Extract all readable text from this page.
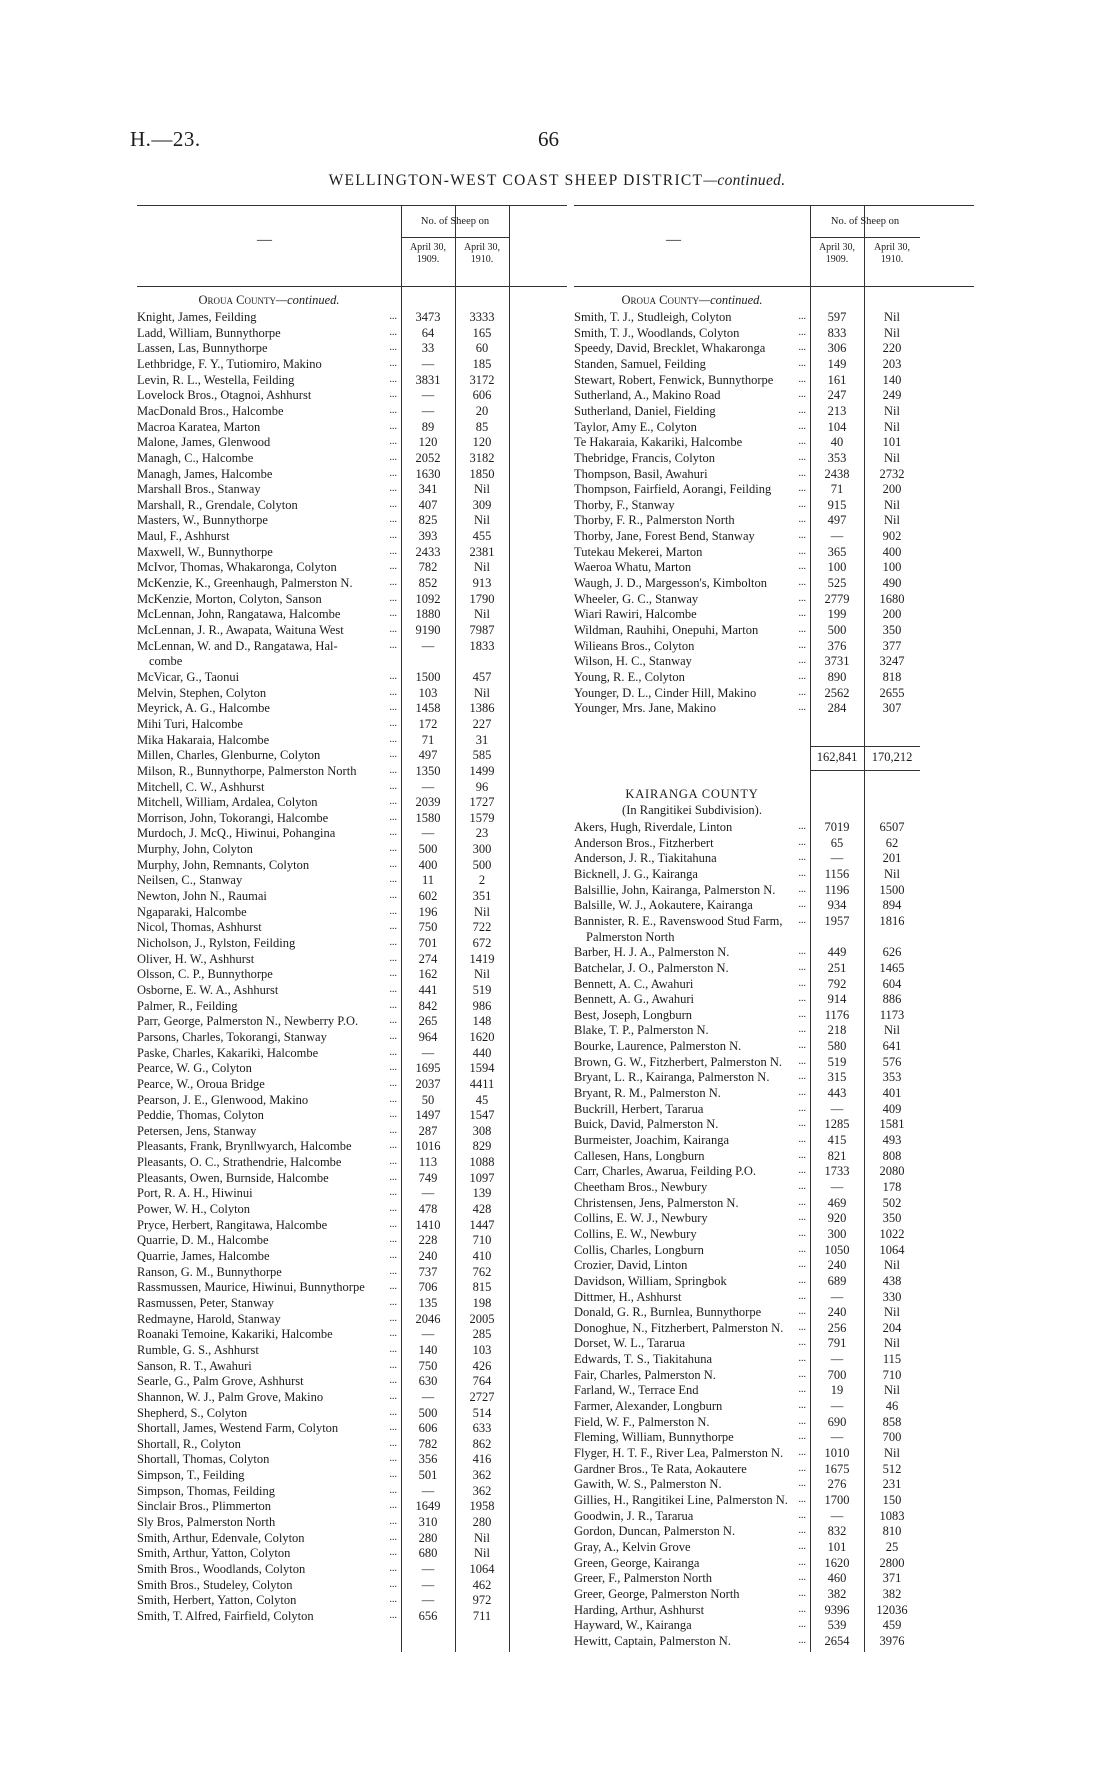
H.—23.	66
WELLINGTON-WEST COAST SHEEP DISTRICT—continued.
—
No. of Sheep on
April 30,
1909.
April 30,
1910.
Oroua County—continued.
Knight, James, Feilding	...	3473	3333
Ladd, William, Bunnythorpe	...	64	165
Lassen, Las, Bunnythorpe	...	33	60
Lethbridge, F. Y., Tutiomiro, Makino	...	—	185
Levin, R. L., Westella, Feilding	...	3831	3172
Lovelock Bros., Otagnoi, Ashhurst	...	—	606
MacDonald Bros., Halcombe	...	—	20
Macroa Karatea, Marton	...	89	85
Malone, James, Glenwood	...	120	120
Managh, C., Halcombe	...	2052	3182
Managh, James, Halcombe	...	1630	1850
Marshall Bros., Stanway	...	341	Nil
Marshall, R., Grendale, Colyton	...	407	309
Masters, W., Bunnythorpe	...	825	Nil
Maul, F., Ashhurst	...	393	455
Maxwell, W., Bunnythorpe	...	2433	2381
McIvor, Thomas, Whakaronga, Colyton	...	782	Nil
McKenzie, K., Greenhaugh, Palmerston N.	...	852	913
McKenzie, Morton, Colyton, Sanson	...	1092	1790
McLennan, John, Rangatawa, Halcombe	...	1880	Nil
McLennan, J. R., Awapata, Waituna West	...	9190	7987
McLennan, W. and D., Rangatawa, Hal-	...	—	1833
combe
McVicar, G., Taonui	...	1500	457
Melvin, Stephen, Colyton	...	103	Nil
Meyrick, A. G., Halcombe	...	1458	1386
Mihi Turi, Halcombe	...	172	227
Mika Hakaraia, Halcombe	...	71	31
Millen, Charles, Glenburne, Colyton	...	497	585
Milson, R., Bunnythorpe, Palmerston North	...	1350	1499
Mitchell, C. W., Ashhurst	...	—	96
Mitchell, William, Ardalea, Colyton	...	2039	1727
Morrison, John, Tokorangi, Halcombe	...	1580	1579
Murdoch, J. McQ., Hiwinui, Pohangina	...	—	23
Murphy, John, Colyton	...	500	300
Murphy, John, Remnants, Colyton	...	400	500
Neilsen, C., Stanway	...	11	2
Newton, John N., Raumai	...	602	351
Ngaparaki, Halcombe	...	196	Nil
Nicol, Thomas, Ashhurst	...	750	722
Nicholson, J., Rylston, Feilding	...	701	672
Oliver, H. W., Ashhurst	...	274	1419
Olsson, C. P., Bunnythorpe	...	162	Nil
Osborne, E. W. A., Ashhurst	...	441	519
Palmer, R., Feilding	...	842	986
Parr, George, Palmerston N., Newberry P.O.	...	265	148
Parsons, Charles, Tokorangi, Stanway	...	964	1620
Paske, Charles, Kakariki, Halcombe	...	—	440
Pearce, W. G., Colyton	...	1695	1594
Pearce, W., Oroua Bridge	...	2037	4411
Pearson, J. E., Glenwood, Makino	...	50	45
Peddie, Thomas, Colyton	...	1497	1547
Petersen, Jens, Stanway	...	287	308
Pleasants, Frank, Brynllwyarch, Halcombe	...	1016	829
Pleasants, O. C., Strathendrie, Halcombe	...	113	1088
Pleasants, Owen, Burnside, Halcombe	...	749	1097
Port, R. A. H., Hiwinui	...	—	139
Power, W. H., Colyton	...	478	428
Pryce, Herbert, Rangitawa, Halcombe	...	1410	1447
Quarrie, D. M., Halcombe	...	228	710
Quarrie, James, Halcombe	...	240	410
Ranson, G. M., Bunnythorpe	...	737	762
Rassmussen, Maurice, Hiwinui, Bunnythorpe	...	706	815
Rasmussen, Peter, Stanway	...	135	198
Redmayne, Harold, Stanway	...	2046	2005
Roanaki Temoine, Kakariki, Halcombe	...	—	285
Rumble, G. S., Ashhurst	...	140	103
Sanson, R. T., Awahuri	...	750	426
Searle, G., Palm Grove, Ashhurst	...	630	764
Shannon, W. J., Palm Grove, Makino	...	—	2727
Shepherd, S., Colyton	...	500	514
Shortall, James, Westend Farm, Colyton	...	606	633
Shortall, R., Colyton	...	782	862
Shortall, Thomas, Colyton	...	356	416
Simpson, T., Feilding	...	501	362
Simpson, Thomas, Feilding	...	—	362
Sinclair Bros., Plimmerton	...	1649	1958
Sly Bros, Palmerston North	...	310	280
Smith, Arthur, Edenvale, Colyton	...	280	Nil
Smith, Arthur, Yatton, Colyton	...	680	Nil
Smith Bros., Woodlands, Colyton	...	—	1064
Smith Bros., Studeley, Colyton	...	—	462
Smith, Herbert, Yatton, Colyton	...	—	972
Smith, T. Alfred, Fairfield, Colyton	...	656	711
—
No. of Sheep on
April 30,
1909.
April 30,
1910.
Oroua County—continued.
Smith, T. J., Studleigh, Colyton	...	597	Nil
Smith, T. J., Woodlands, Colyton	...	833	Nil
Speedy, David, Brecklet, Whakaronga	...	306	220
Standen, Samuel, Feilding	...	149	203
Stewart, Robert, Fenwick, Bunnythorpe	...	161	140
Sutherland, A., Makino Road	...	247	249
Sutherland, Daniel, Fielding	...	213	Nil
Taylor, Amy E., Colyton	...	104	Nil
Te Hakaraia, Kakariki, Halcombe	...	40	101
Thebridge, Francis, Colyton	...	353	Nil
Thompson, Basil, Awahuri	...	2438	2732
Thompson, Fairfield, Aorangi, Feilding	...	71	200
Thorby, F., Stanway	...	915	Nil
Thorby, F. R., Palmerston North	...	497	Nil
Thorby, Jane, Forest Bend, Stanway	...	—	902
Tutekau Mekerei, Marton	...	365	400
Waeroa Whatu, Marton	...	100	100
Waugh, J. D., Margesson's, Kimbolton	...	525	490
Wheeler, G. C., Stanway	...	2779	1680
Wiari Rawiri, Halcombe	...	199	200
Wildman, Rauhihi, Onepuhi, Marton	...	500	350
Wilieans Bros., Colyton	...	376	377
Wilson, H. C., Stanway	...	3731	3247
Young, R. E., Colyton	...	890	818
Younger, D. L., Cinder Hill, Makino	...	2562	2655
Younger, Mrs. Jane, Makino	...	284	307
162,841	170,212
KAIRANGA COUNTY
(In Rangitikei Subdivision).
Akers, Hugh, Riverdale, Linton	...	7019	6507
Anderson Bros., Fitzherbert	...	65	62
Anderson, J. R., Tiakitahuna	...	—	201
Bicknell, J. G., Kairanga	...	1156	Nil
Balsillie, John, Kairanga, Palmerston N.	...	1196	1500
Balsille, W. J., Aokautere, Kairanga	...	934	894
Bannister, R. E., Ravenswood Stud Farm,	...	1957	1816
Palmerston North
Barber, H. J. A., Palmerston N.	...	449	626
Batchelar, J. O., Palmerston N.	...	251	1465
Bennett, A. C., Awahuri	...	792	604
Bennett, A. G., Awahuri	...	914	886
Best, Joseph, Longburn	...	1176	1173
Blake, T. P., Palmerston N.	...	218	Nil
Bourke, Laurence, Palmerston N.	...	580	641
Brown, G. W., Fitzherbert, Palmerston N.	...	519	576
Bryant, L. R., Kairanga, Palmerston N.	...	315	353
Bryant, R. M., Palmerston N.	...	443	401
Buckrill, Herbert, Tararua	...	—	409
Buick, David, Palmerston N.	...	1285	1581
Burmeister, Joachim, Kairanga	...	415	493
Callesen, Hans, Longburn	...	821	808
Carr, Charles, Awarua, Feilding P.O.	...	1733	2080
Cheetham Bros., Newbury	...	—	178
Christensen, Jens, Palmerston N.	...	469	502
Collins, E. W. J., Newbury	...	920	350
Collins, E. W., Newbury	...	300	1022
Collis, Charles, Longburn	...	1050	1064
Crozier, David, Linton	...	240	Nil
Davidson, William, Springbok	...	689	438
Dittmer, H., Ashhurst	...	—	330
Donald, G. R., Burnlea, Bunnythorpe	...	240	Nil
Donoghue, N., Fitzherbert, Palmerston N.	...	256	204
Dorset, W. L., Tararua	...	791	Nil
Edwards, T. S., Tiakitahuna	...	—	115
Fair, Charles, Palmerston N.	...	700	710
Farland, W., Terrace End	...	19	Nil
Farmer, Alexander, Longburn	...	—	46
Field, W. F., Palmerston N.	...	690	858
Fleming, William, Bunnythorpe	...	—	700
Flyger, H. T. F., River Lea, Palmerston N.	...	1010	Nil
Gardner Bros., Te Rata, Aokautere	...	1675	512
Gawith, W. S., Palmerston N.	...	276	231
Gillies, H., Rangitikei Line, Palmerston N.	...	1700	150
Goodwin, J. R., Tararua	...	—	1083
Gordon, Duncan, Palmerston N.	...	832	810
Gray, A., Kelvin Grove	...	101	25
Green, George, Kairanga	...	1620	2800
Greer, F., Palmerston North	...	460	371
Greer, George, Palmerston North	...	382	382
Harding, Arthur, Ashhurst	...	9396	12036
Hayward, W., Kairanga	...	539	459
Hewitt, Captain, Palmerston N.	...	2654	3976
